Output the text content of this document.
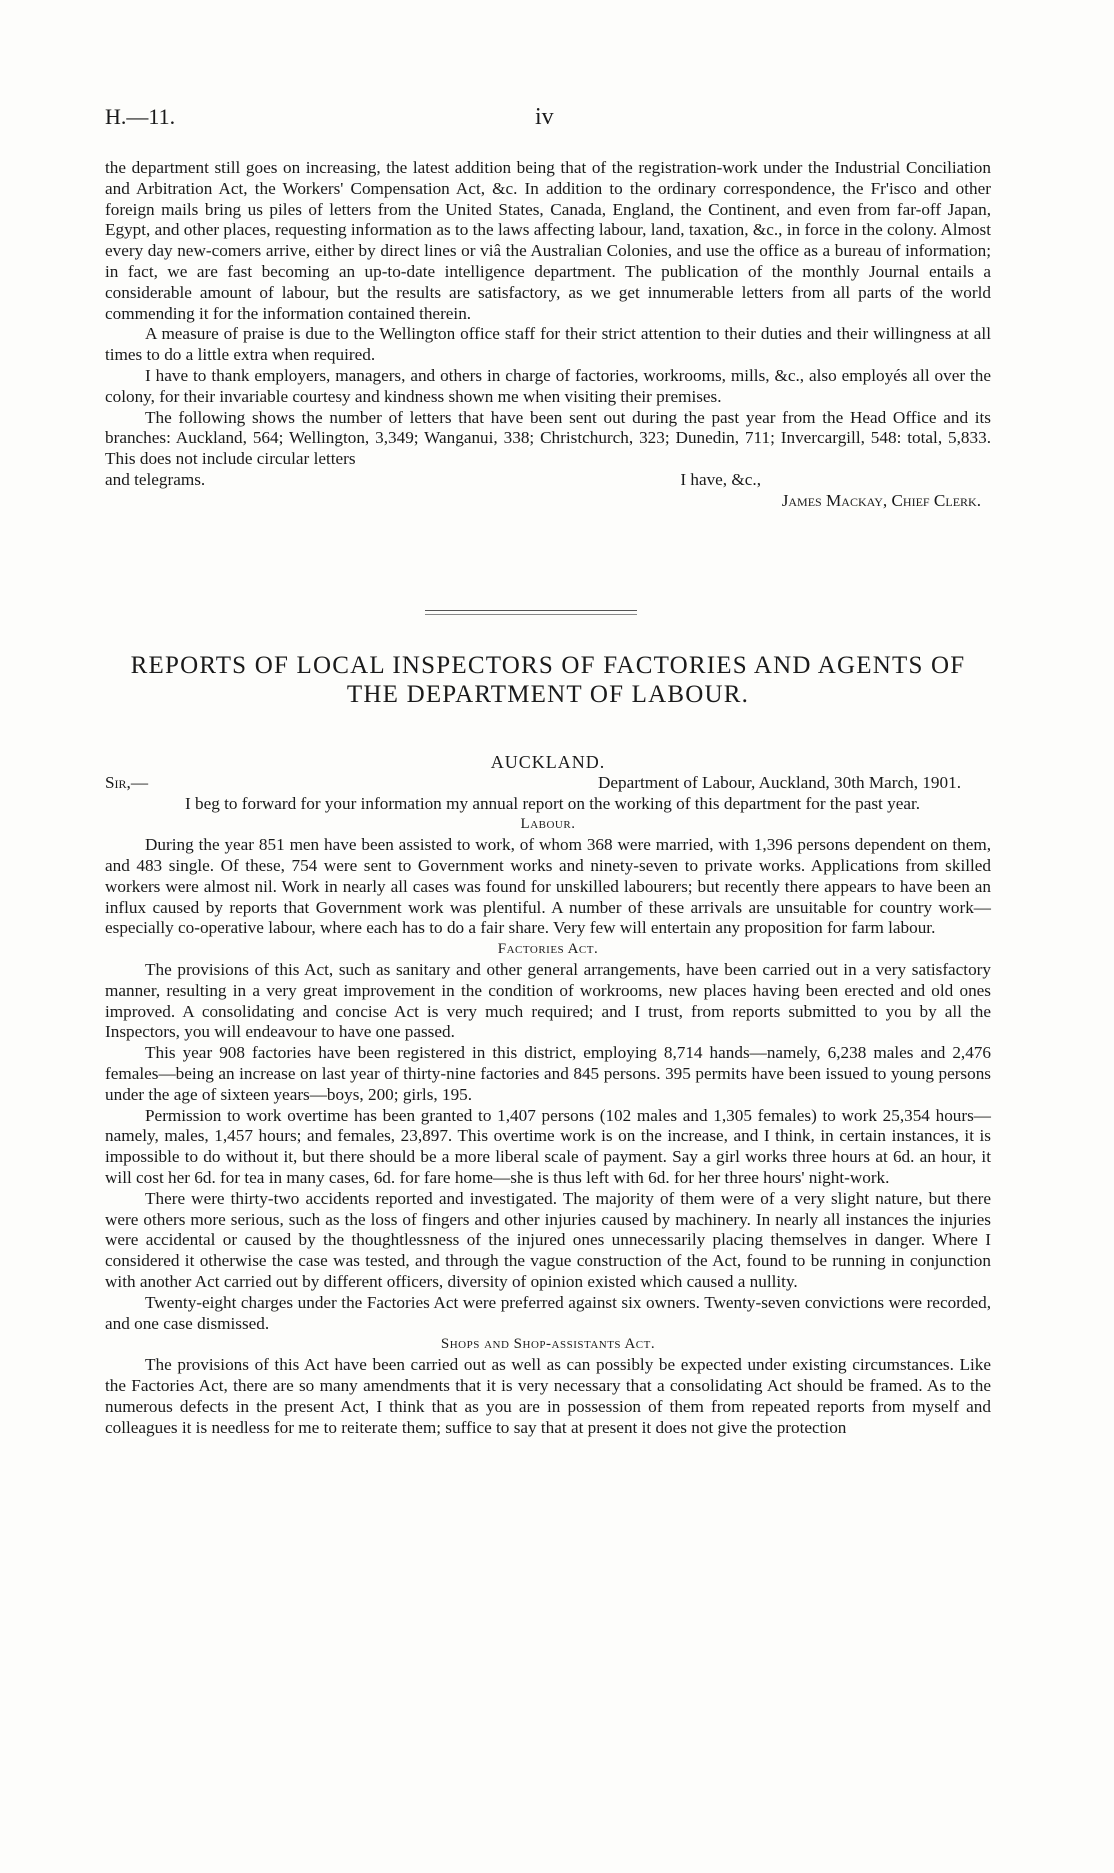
H.—11.	iv

the department still goes on increasing, the latest addition being that of the registration-work under the Industrial Conciliation and Arbitration Act, the Workers' Compensation Act, &c. In addition to the ordinary correspondence, the Fr'isco and other foreign mails bring us piles of letters from the United States, Canada, England, the Continent, and even from far-off Japan, Egypt, and other places, requesting information as to the laws affecting labour, land, taxation, &c., in force in the colony. Almost every day new-comers arrive, either by direct lines or viâ the Australian Colonies, and use the office as a bureau of information; in fact, we are fast becoming an up-to-date intelligence department. The publication of the monthly Journal entails a considerable amount of labour, but the results are satisfactory, as we get innumerable letters from all parts of the world commending it for the information contained therein.

A measure of praise is due to the Wellington office staff for their strict attention to their duties and their willingness at all times to do a little extra when required.

I have to thank employers, managers, and others in charge of factories, workrooms, mills, &c., also employés all over the colony, for their invariable courtesy and kindness shown me when visiting their premises.

The following shows the number of letters that have been sent out during the past year from the Head Office and its branches: Auckland, 564; Wellington, 3,349; Wanganui, 338; Christchurch, 323; Dunedin, 711; Invercargill, 548: total, 5,833. This does not include circular letters

and telegrams.	I have, &c.,
James Mackay, Chief Clerk.
REPORTS OF LOCAL INSPECTORS OF FACTORIES AND AGENTS OF THE DEPARTMENT OF LABOUR.

AUCKLAND.

Sir,—	Department of Labour, Auckland, 30th March, 1901.

I beg to forward for your information my annual report on the working of this department for the past year.

Labour.

During the year 851 men have been assisted to work, of whom 368 were married, with 1,396 persons dependent on them, and 483 single. Of these, 754 were sent to Government works and ninety-seven to private works. Applications from skilled workers were almost nil. Work in nearly all cases was found for unskilled labourers; but recently there appears to have been an influx caused by reports that Government work was plentiful. A number of these arrivals are unsuitable for country work—especially co-operative labour, where each has to do a fair share. Very few will entertain any proposition for farm labour.

Factories Act.

The provisions of this Act, such as sanitary and other general arrangements, have been carried out in a very satisfactory manner, resulting in a very great improvement in the condition of workrooms, new places having been erected and old ones improved. A consolidating and concise Act is very much required; and I trust, from reports submitted to you by all the Inspectors, you will endeavour to have one passed.

This year 908 factories have been registered in this district, employing 8,714 hands—namely, 6,238 males and 2,476 females—being an increase on last year of thirty-nine factories and 845 persons. 395 permits have been issued to young persons under the age of sixteen years—boys, 200; girls, 195.

Permission to work overtime has been granted to 1,407 persons (102 males and 1,305 females) to work 25,354 hours—namely, males, 1,457 hours; and females, 23,897. This overtime work is on the increase, and I think, in certain instances, it is impossible to do without it, but there should be a more liberal scale of payment. Say a girl works three hours at 6d. an hour, it will cost her 6d. for tea in many cases, 6d. for fare home—she is thus left with 6d. for her three hours' night-work.

There were thirty-two accidents reported and investigated. The majority of them were of a very slight nature, but there were others more serious, such as the loss of fingers and other injuries caused by machinery. In nearly all instances the injuries were accidental or caused by the thoughtlessness of the injured ones unnecessarily placing themselves in danger. Where I considered it otherwise the case was tested, and through the vague construction of the Act, found to be running in conjunction with another Act carried out by different officers, diversity of opinion existed which caused a nullity.

Twenty-eight charges under the Factories Act were preferred against six owners. Twenty-seven convictions were recorded, and one case dismissed.

Shops and Shop-assistants Act.

The provisions of this Act have been carried out as well as can possibly be expected under existing circumstances. Like the Factories Act, there are so many amendments that it is very necessary that a consolidating Act should be framed. As to the numerous defects in the present Act, I think that as you are in possession of them from repeated reports from myself and colleagues it is needless for me to reiterate them; suffice to say that at present it does not give the protection
